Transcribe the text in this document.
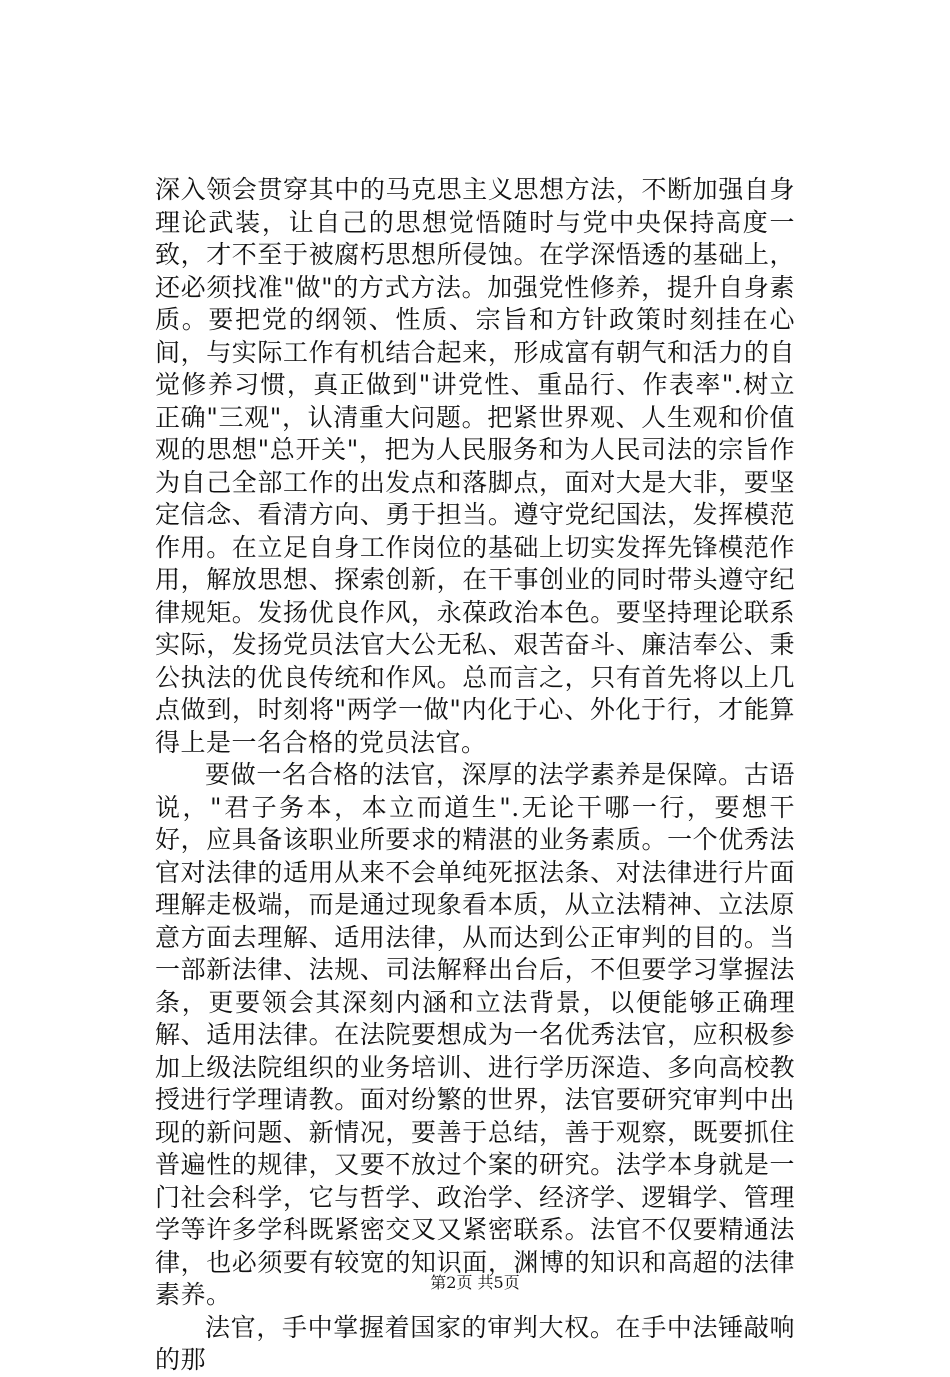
深入领会贯穿其中的马克思主义思想方法，不断加强自身理论武装，让自己的思想觉悟随时与党中央保持高度一致，才不至于被腐朽思想所侵蚀。在学深悟透的基础上，还必须找准"做"的方式方法。加强党性修养，提升自身素质。要把党的纲领、性质、宗旨和方针政策时刻挂在心间，与实际工作有机结合起来，形成富有朝气和活力的自觉修养习惯，真正做到"讲党性、重品行、作表率".树立正确"三观"，认清重大问题。把紧世界观、人生观和价值观的思想"总开关"，把为人民服务和为人民司法的宗旨作为自己全部工作的出发点和落脚点，面对大是大非，要坚定信念、看清方向、勇于担当。遵守党纪国法，发挥模范作用。在立足自身工作岗位的基础上切实发挥先锋模范作用，解放思想、探索创新，在干事创业的同时带头遵守纪律规矩。发扬优良作风，永葆政治本色。要坚持理论联系实际，发扬党员法官大公无私、艰苦奋斗、廉洁奉公、秉公执法的优良传统和作风。总而言之，只有首先将以上几点做到，时刻将"两学一做"内化于心、外化于行，才能算得上是一名合格的党员法官。

要做一名合格的法官，深厚的法学素养是保障。古语说，"君子务本，本立而道生".无论干哪一行，要想干好，应具备该职业所要求的精湛的业务素质。一个优秀法官对法律的适用从来不会单纯死抠法条、对法律进行片面理解走极端，而是通过现象看本质，从立法精神、立法原意方面去理解、适用法律，从而达到公正审判的目的。当一部新法律、法规、司法解释出台后，不但要学习掌握法条，更要领会其深刻内涵和立法背景，以便能够正确理解、适用法律。在法院要想成为一名优秀法官，应积极参加上级法院组织的业务培训、进行学历深造、多向高校教授进行学理请教。面对纷繁的世界，法官要研究审判中出现的新问题、新情况，要善于总结，善于观察，既要抓住普遍性的规律，又要不放过个案的研究。法学本身就是一门社会科学，它与哲学、政治学、经济学、逻辑学、管理学等许多学科既紧密交叉又紧密联系。法官不仅要精通法律，也必须要有较宽的知识面，渊博的知识和高超的法律素养。

法官，手中掌握着国家的审判大权。在手中法锤敲响的那

第2页 共5页
